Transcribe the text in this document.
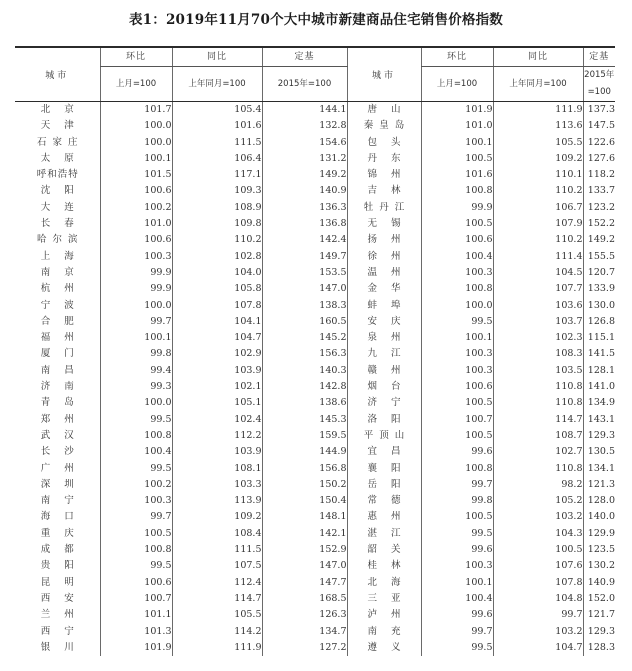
表1：2019年11月70个大中城市新建商品住宅销售价格指数
城市	环比	同比	定基	城市	环比	同比	定基
	上月=100	上年同月=100	2015年=100		上月=100	上年同月=100	2015年=100
北京	101.7	105.4	144.1	唐山	101.9	111.9	137.3
天津	100.0	101.6	132.8	秦皇岛	101.0	113.6	147.5
石家庄	100.0	111.5	154.6	包头	100.1	105.5	122.6
太原	100.1	106.4	131.2	丹东	100.5	109.2	127.6
呼和浩特	101.5	117.1	149.2	锦州	101.6	110.1	118.2
沈阳	100.6	109.3	140.9	吉林	100.8	110.2	133.7
大连	100.2	108.9	136.3	牡丹江	99.9	106.7	123.2
长春	101.0	109.8	136.8	无锡	100.5	107.9	152.2
哈尔滨	100.6	110.2	142.4	扬州	100.6	110.2	149.2
上海	100.3	102.8	149.7	徐州	100.4	111.4	155.5
南京	99.9	104.0	153.5	温州	100.3	104.5	120.7
杭州	99.9	105.8	147.0	金华	100.8	107.7	133.9
宁波	100.0	107.8	138.3	蚌埠	100.0	103.6	130.0
合肥	99.7	104.1	160.5	安庆	99.5	103.7	126.8
福州	100.1	104.7	145.2	泉州	100.1	102.3	115.1
厦门	99.8	102.9	156.3	九江	100.3	108.3	141.5
南昌	99.4	103.9	140.3	赣州	100.3	103.5	128.1
济南	99.3	102.1	142.8	烟台	100.6	110.8	141.0
青岛	100.0	105.1	138.6	济宁	100.5	110.8	134.9
郑州	99.5	102.4	145.3	洛阳	100.7	114.7	143.1
武汉	100.8	112.2	159.5	平顶山	100.5	108.7	129.3
长沙	100.4	103.9	144.9	宜昌	99.6	102.7	130.5
广州	99.5	108.1	156.8	襄阳	100.8	110.8	134.1
深圳	100.2	103.3	150.2	岳阳	99.7	98.2	121.3
南宁	100.3	113.9	150.4	常德	99.8	105.2	128.0
海口	99.7	109.2	148.1	惠州	100.5	103.2	140.0
重庆	100.5	108.4	142.1	湛江	99.5	104.3	129.9
成都	100.8	111.5	152.9	韶关	99.6	100.5	123.5
贵阳	99.5	107.5	147.0	桂林	100.3	107.6	130.2
昆明	100.6	112.4	147.7	北海	100.1	107.8	140.9
西安	100.7	114.7	168.5	三亚	100.4	104.8	152.0
兰州	101.1	105.5	126.3	泸州	99.6	99.7	121.7
西宁	101.3	114.2	134.7	南充	99.7	103.2	129.3
银川	101.9	111.9	127.2	遵义	99.5	104.7	128.3
